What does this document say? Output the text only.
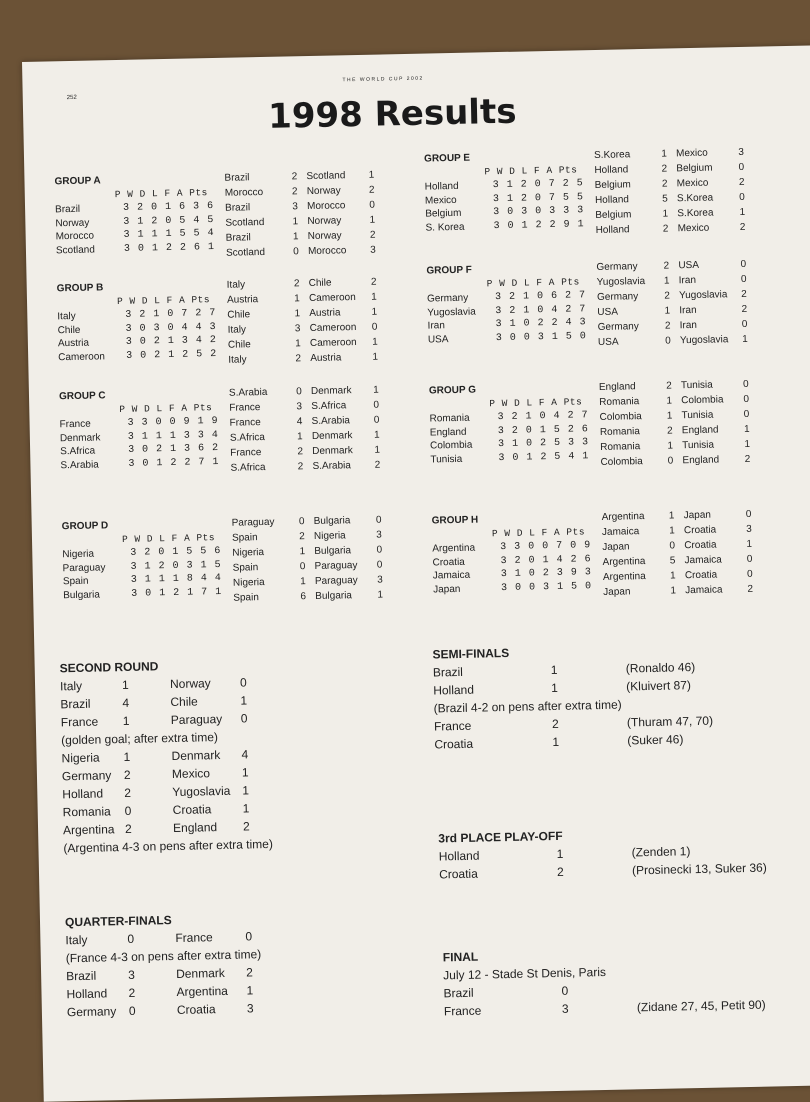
THE WORLD CUP 2002
252	1998 Results
GROUP A
P W D L F A Pts
Brazil	3 2 0 1 6 3 6
Norway	3 1 2 0 5 4 5
Morocco	3 1 1 1 5 5 4
Scotland	3 0 1 2 2 6 1
Brazil	2 Scotland	1
Morocco	2 Norway	2
Brazil	3 Morocco	0
Scotland	1 Norway	1
Brazil	1 Norway	2
Scotland	0 Morocco	3
GROUP B
P W D L F A Pts
Italy	3 2 1 0 7 2 7
Chile	3 0 3 0 4 4 3
Austria	3 0 2 1 3 4 2
Cameroon	3 0 2 1 2 5 2
Italy	2 Chile	2
Austria	1 Cameroon	1
Chile	1 Austria	1
Italy	3 Cameroon	0
Chile	1 Cameroon	1
Italy	2 Austria	1
GROUP C
P W D L F A Pts
France	3 3 0 0 9 1 9
Denmark	3 1 1 1 3 3 4
S.Africa	3 0 2 1 3 6 2
S.Arabia	3 0 1 2 2 7 1
S.Arabia	0 Denmark	1
France	3 S.Africa	0
France	4 S.Arabia	0
S.Africa	1 Denmark	1
France	2 Denmark	1
S.Africa	2 S.Arabia	2
GROUP D
P W D L F A Pts
Nigeria	3 2 0 1 5 5 6
Paraguay	3 1 2 0 3 1 5
Spain	3 1 1 1 8 4 4
Bulgaria	3 0 1 2 1 7 1
Paraguay	0 Bulgaria	0
Spain	2 Nigeria	3
Nigeria	1 Bulgaria	0
Spain	0 Paraguay	0
Nigeria	1 Paraguay	3
Spain	6 Bulgaria	1
GROUP E
P W D L F A Pts
Holland	3 1 2 0 7 2 5
Mexico	3 1 2 0 7 5 5
Belgium	3 0 3 0 3 3 3
S. Korea	3 0 1 2 2 9 1
S.Korea	1 Mexico	3
Holland	2 Belgium	0
Belgium	2 Mexico	2
Holland	5 S.Korea	0
Belgium	1 S.Korea	1
Holland	2 Mexico	2
GROUP F
P W D L F A Pts
Germany	3 2 1 0 6 2 7
Yugoslavia	3 2 1 0 4 2 7
Iran	3 1 0 2 2 4 3
USA	3 0 0 3 1 5 0
Germany	2 USA	0
Yugoslavia	1 Iran	0
Germany	2 Yugoslavia	2
USA	1 Iran	2
Germany	2 Iran	0
USA	0 Yugoslavia	1
GROUP G
P W D L F A Pts
Romania	3 2 1 0 4 2 7
England	3 2 0 1 5 2 6
Colombia	3 1 0 2 5 3 3
Tunisia	3 0 1 2 5 4 1
England	2 Tunisia	0
Romania	1 Colombia	0
Colombia	1 Tunisia	0
Romania	2 England	1
Romania	1 Tunisia	1
Colombia	0 England	2
GROUP H
P W D L F A Pts
Argentina	3 3 0 0 7 0 9
Croatia	3 2 0 1 4 2 6
Jamaica	3 1 0 2 3 9 3
Japan	3 0 0 3 1 5 0
Argentina	1 Japan	0
Jamaica	1 Croatia	3
Japan	0 Croatia	1
Argentina	5 Jamaica	0
Argentina	1 Croatia	0
Japan	1 Jamaica	2
SECOND ROUND
Italy	1	Norway	0
Brazil	4	Chile	1
France	1	Paraguay	0
(golden goal; after extra time)
Nigeria	1	Denmark	4
Germany	2	Mexico	1
Holland	2	Yugoslavia 1
Romania	0	Croatia	1
Argentina 2	England	2
(Argentina 4-3 on pens after extra time)
QUARTER-FINALS
Italy	0	France	0
(France 4-3 on pens after extra time)
Brazil	3	Denmark	2
Holland	2	Argentina	1
Germany	0	Croatia	3
SEMI-FINALS
Brazil	1	(Ronaldo 46)
Holland	1	(Kluivert 87)
(Brazil 4-2 on pens after extra time)
France	2	(Thuram 47, 70)
Croatia	1	(Suker 46)
3rd PLACE PLAY-OFF
Holland	1	(Zenden 1)
Croatia	2	(Prosinecki 13, Suker 36)
FINAL
July 12 - Stade St Denis, Paris
Brazil	0
France	3	(Zidane 27, 45, Petit 90)
